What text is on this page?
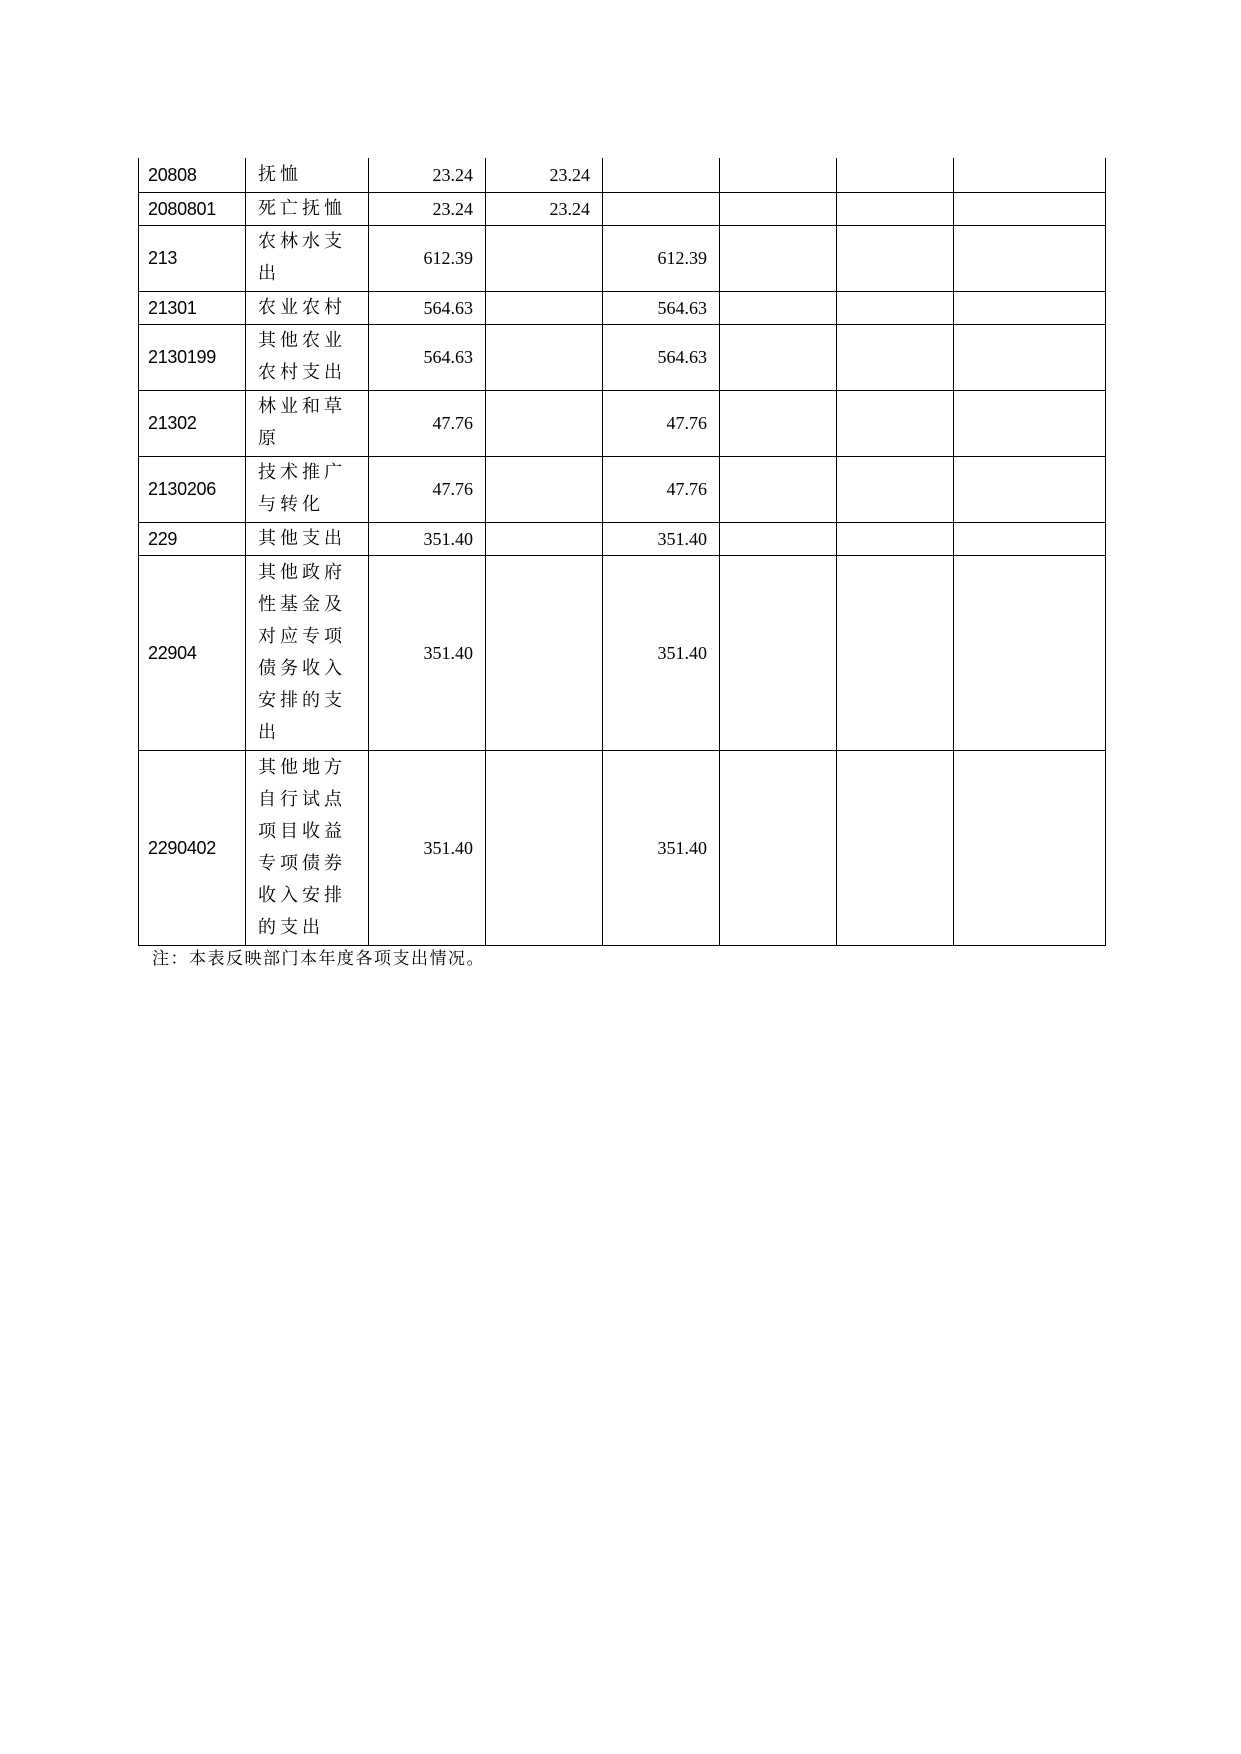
20808	抚恤	23.24	23.24				
2080801	死亡抚恤	23.24	23.24				
213	农林水支出	612.39		612.39			
21301	农业农村	564.63		564.63			
2130199	其他农业农村支出	564.63		564.63			
21302	林业和草原	47.76		47.76			
2130206	技术推广与转化	47.76		47.76			
229	其他支出	351.40		351.40			
22904	其他政府性基金及对应专项债务收入安排的支出	351.40		351.40			
2290402	其他地方自行试点项目收益专项债券收入安排的支出	351.40		351.40			
注：本表反映部门本年度各项支出情况。
